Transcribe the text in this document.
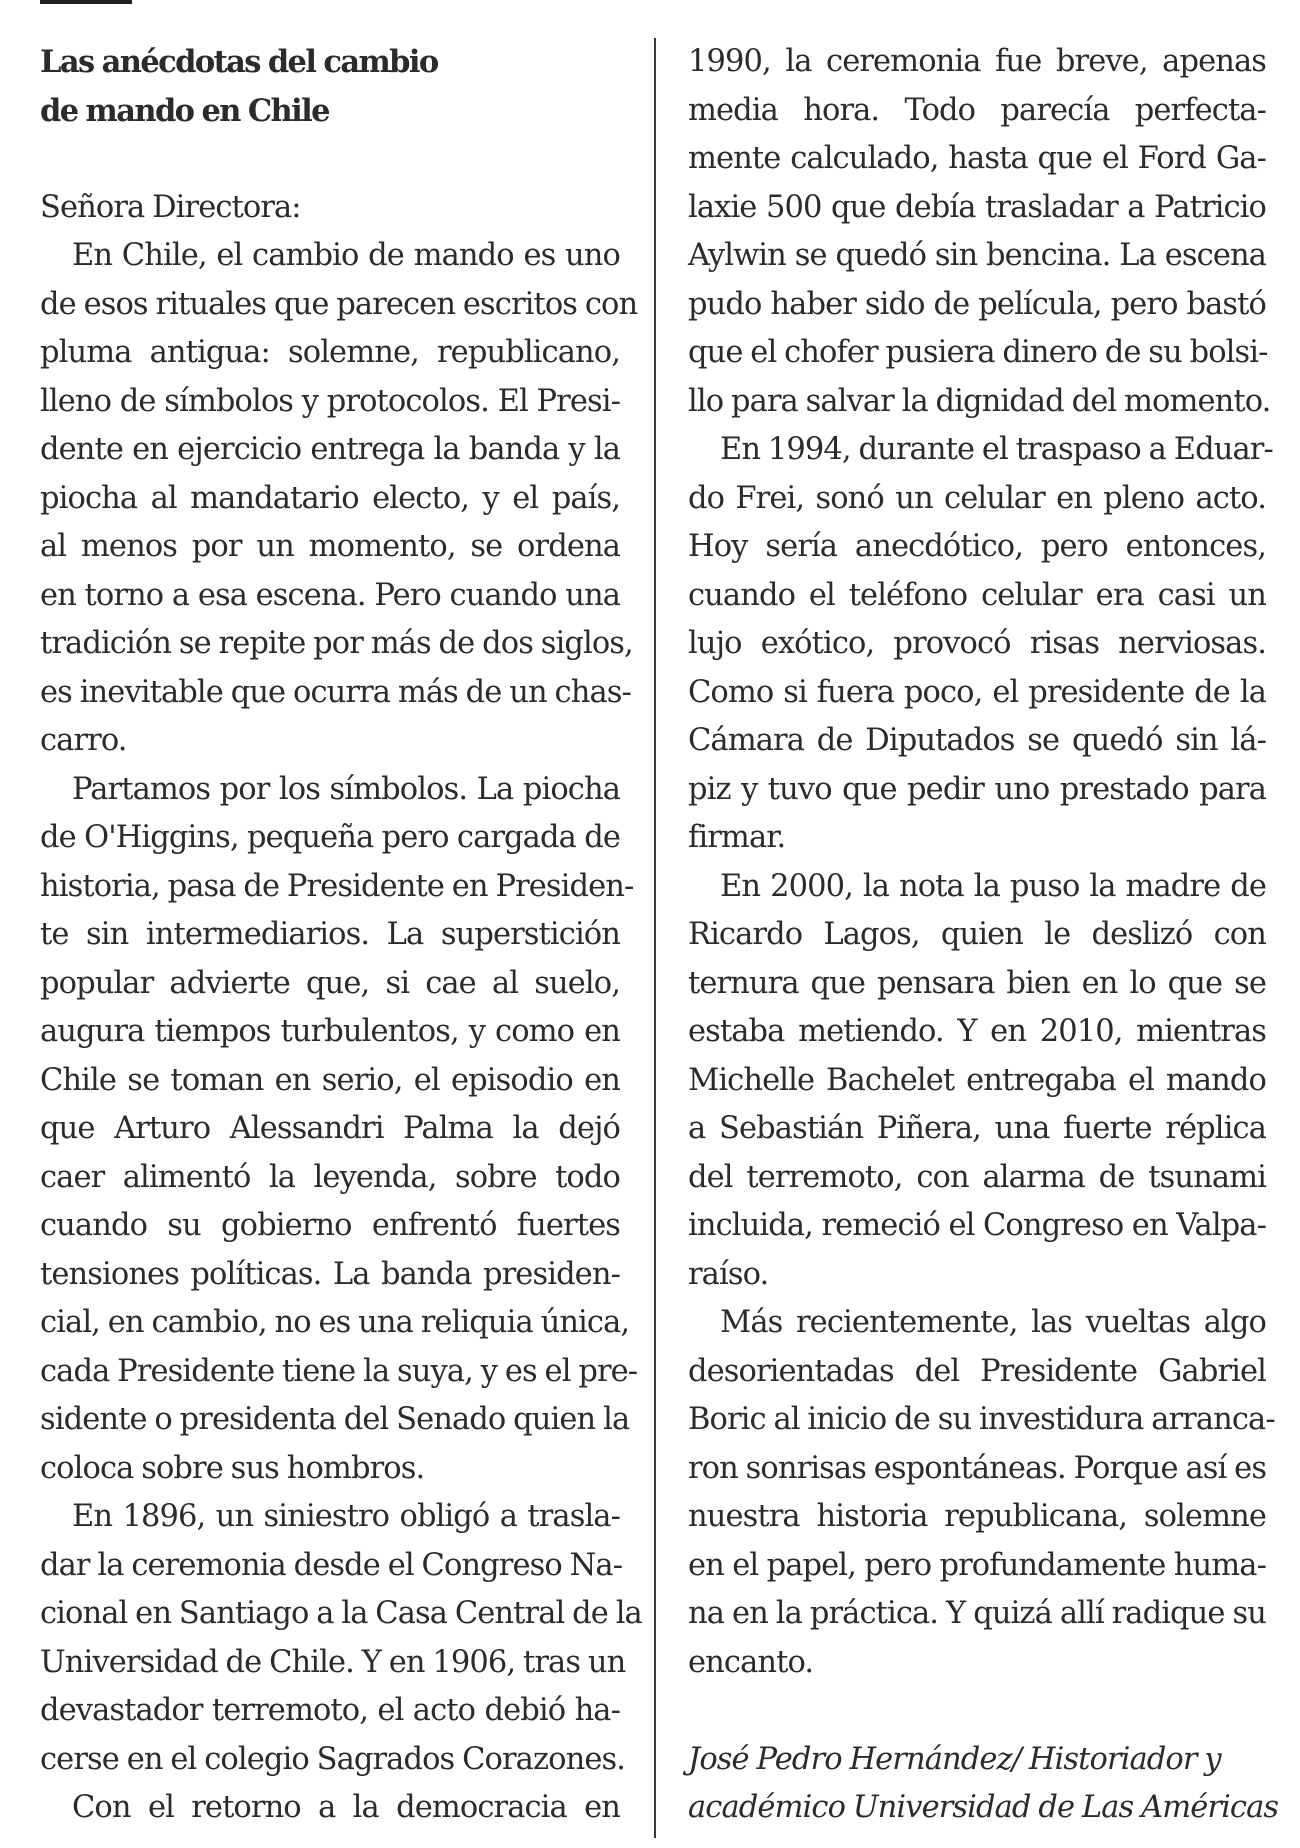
Las anécdotas del cambio
de mando en Chile
Señora Directora:
En Chile, el cambio de mando es uno
de esos rituales que parecen escritos con
pluma antigua: solemne, republicano,
lleno de símbolos y protocolos. El Presi-
dente en ejercicio entrega la banda y la
piocha al mandatario electo, y el país,
al menos por un momento, se ordena
en torno a esa escena. Pero cuando una
tradición se repite por más de dos siglos,
es inevitable que ocurra más de un chas-
carro.
Partamos por los símbolos. La piocha
de O'Higgins, pequeña pero cargada de
historia, pasa de Presidente en Presiden-
te sin intermediarios. La superstición
popular advierte que, si cae al suelo,
augura tiempos turbulentos, y como en
Chile se toman en serio, el episodio en
que Arturo Alessandri Palma la dejó
caer alimentó la leyenda, sobre todo
cuando su gobierno enfrentó fuertes
tensiones políticas. La banda presiden-
cial, en cambio, no es una reliquia única,
cada Presidente tiene la suya, y es el pre-
sidente o presidenta del Senado quien la
coloca sobre sus hombros.
En 1896, un siniestro obligó a trasla-
dar la ceremonia desde el Congreso Na-
cional en Santiago a la Casa Central de la
Universidad de Chile. Y en 1906, tras un
devastador terremoto, el acto debió ha-
cerse en el colegio Sagrados Corazones.
Con el retorno a la democracia en
1990, la ceremonia fue breve, apenas
media hora. Todo parecía perfecta-
mente calculado, hasta que el Ford Ga-
laxie 500 que debía trasladar a Patricio
Aylwin se quedó sin bencina. La escena
pudo haber sido de película, pero bastó
que el chofer pusiera dinero de su bolsi-
llo para salvar la dignidad del momento.
En 1994, durante el traspaso a Eduar-
do Frei, sonó un celular en pleno acto.
Hoy sería anecdótico, pero entonces,
cuando el teléfono celular era casi un
lujo exótico, provocó risas nerviosas.
Como si fuera poco, el presidente de la
Cámara de Diputados se quedó sin lá-
piz y tuvo que pedir uno prestado para
firmar.
En 2000, la nota la puso la madre de
Ricardo Lagos, quien le deslizó con
ternura que pensara bien en lo que se
estaba metiendo. Y en 2010, mientras
Michelle Bachelet entregaba el mando
a Sebastián Piñera, una fuerte réplica
del terremoto, con alarma de tsunami
incluida, remeció el Congreso en Valpa-
raíso.
Más recientemente, las vueltas algo
desorientadas del Presidente Gabriel
Boric al inicio de su investidura arranca-
ron sonrisas espontáneas. Porque así es
nuestra historia republicana, solemne
en el papel, pero profundamente huma-
na en la práctica. Y quizá allí radique su
encanto.
José Pedro Hernández/ Historiador y
académico Universidad de Las Américas
